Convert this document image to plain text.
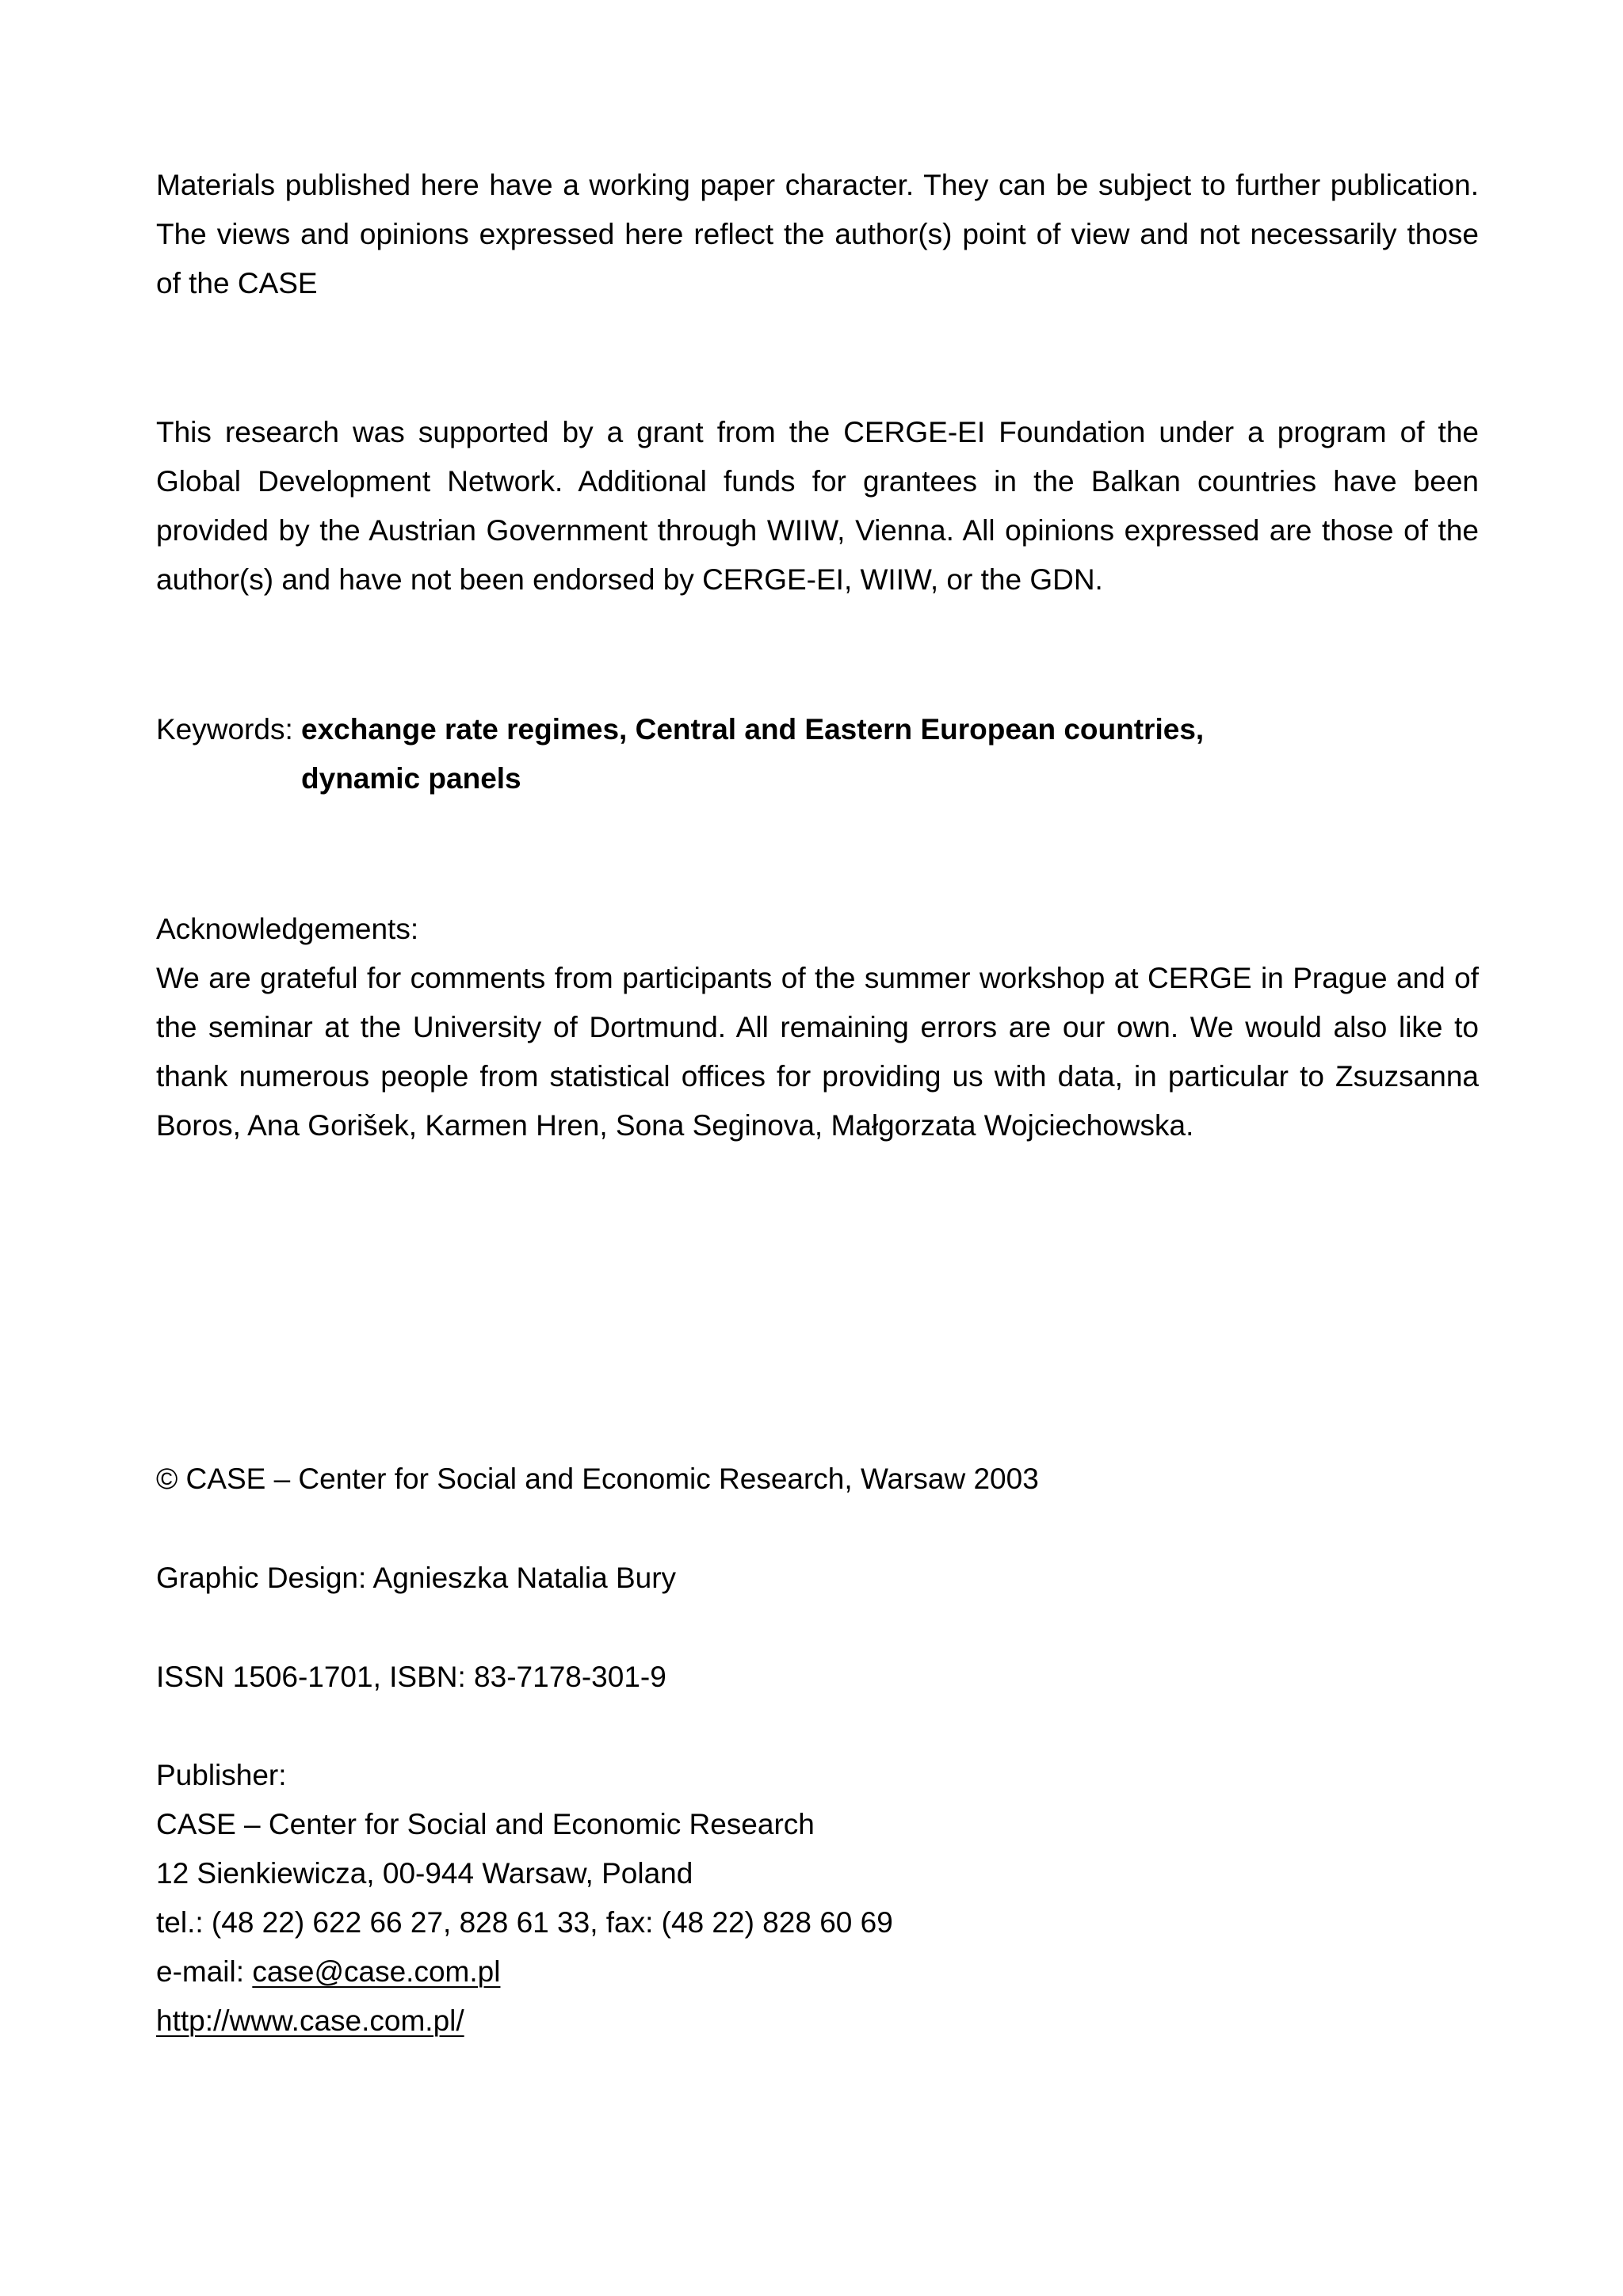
Materials published here have a working paper character. They can be subject to further publication. The views and opinions expressed here reflect the author(s) point of view and not necessarily those of the CASE

This research was supported by a grant from the CERGE-EI Foundation under a program of the Global Development Network. Additional funds for grantees in the Balkan countries have been provided by the Austrian Government through WIIW, Vienna. All opinions expressed are those of the author(s) and have not been endorsed by CERGE-EI, WIIW, or the GDN.

Keywords: exchange rate regimes, Central and Eastern European countries,
dynamic panels

Acknowledgements:

We are grateful for comments from participants of the summer workshop at CERGE in Prague and of the seminar at the University of Dortmund. All remaining errors are our own. We would also like to thank numerous people from statistical offices for providing us with data, in particular to Zsuzsanna Boros, Ana Gorišek, Karmen Hren, Sona Seginova, Małgorzata Wojciechowska.

© CASE – Center for Social and Economic Research, Warsaw 2003

Graphic Design: Agnieszka Natalia Bury

ISSN 1506-1701, ISBN: 83-7178-301-9

Publisher:
CASE – Center for Social and Economic Research
12 Sienkiewicza, 00-944 Warsaw, Poland
tel.: (48 22) 622 66 27, 828 61 33, fax: (48 22) 828 60 69
e-mail: case@case.com.pl
http://www.case.com.pl/
